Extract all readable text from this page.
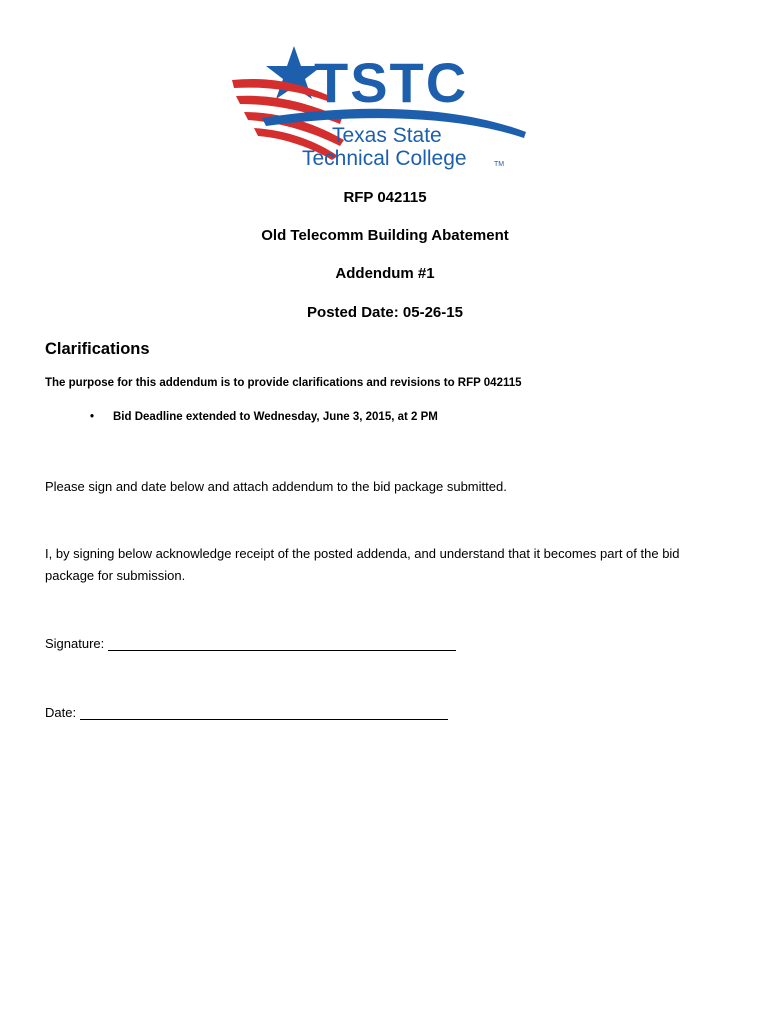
TSTC
Texas State
Technical College	TM

RFP 042115

Old Telecomm Building Abatement

Addendum #1

Posted Date: 05-26-15

Clarifications

The purpose for this addendum is to provide clarifications and revisions to RFP 042115

• Bid Deadline extended to Wednesday, June 3, 2015, at 2 PM

Please sign and date below and attach addendum to the bid package submitted.

I, by signing below acknowledge receipt of the posted addenda, and understand that it becomes part of the bid package for submission.

Signature:
Date:
